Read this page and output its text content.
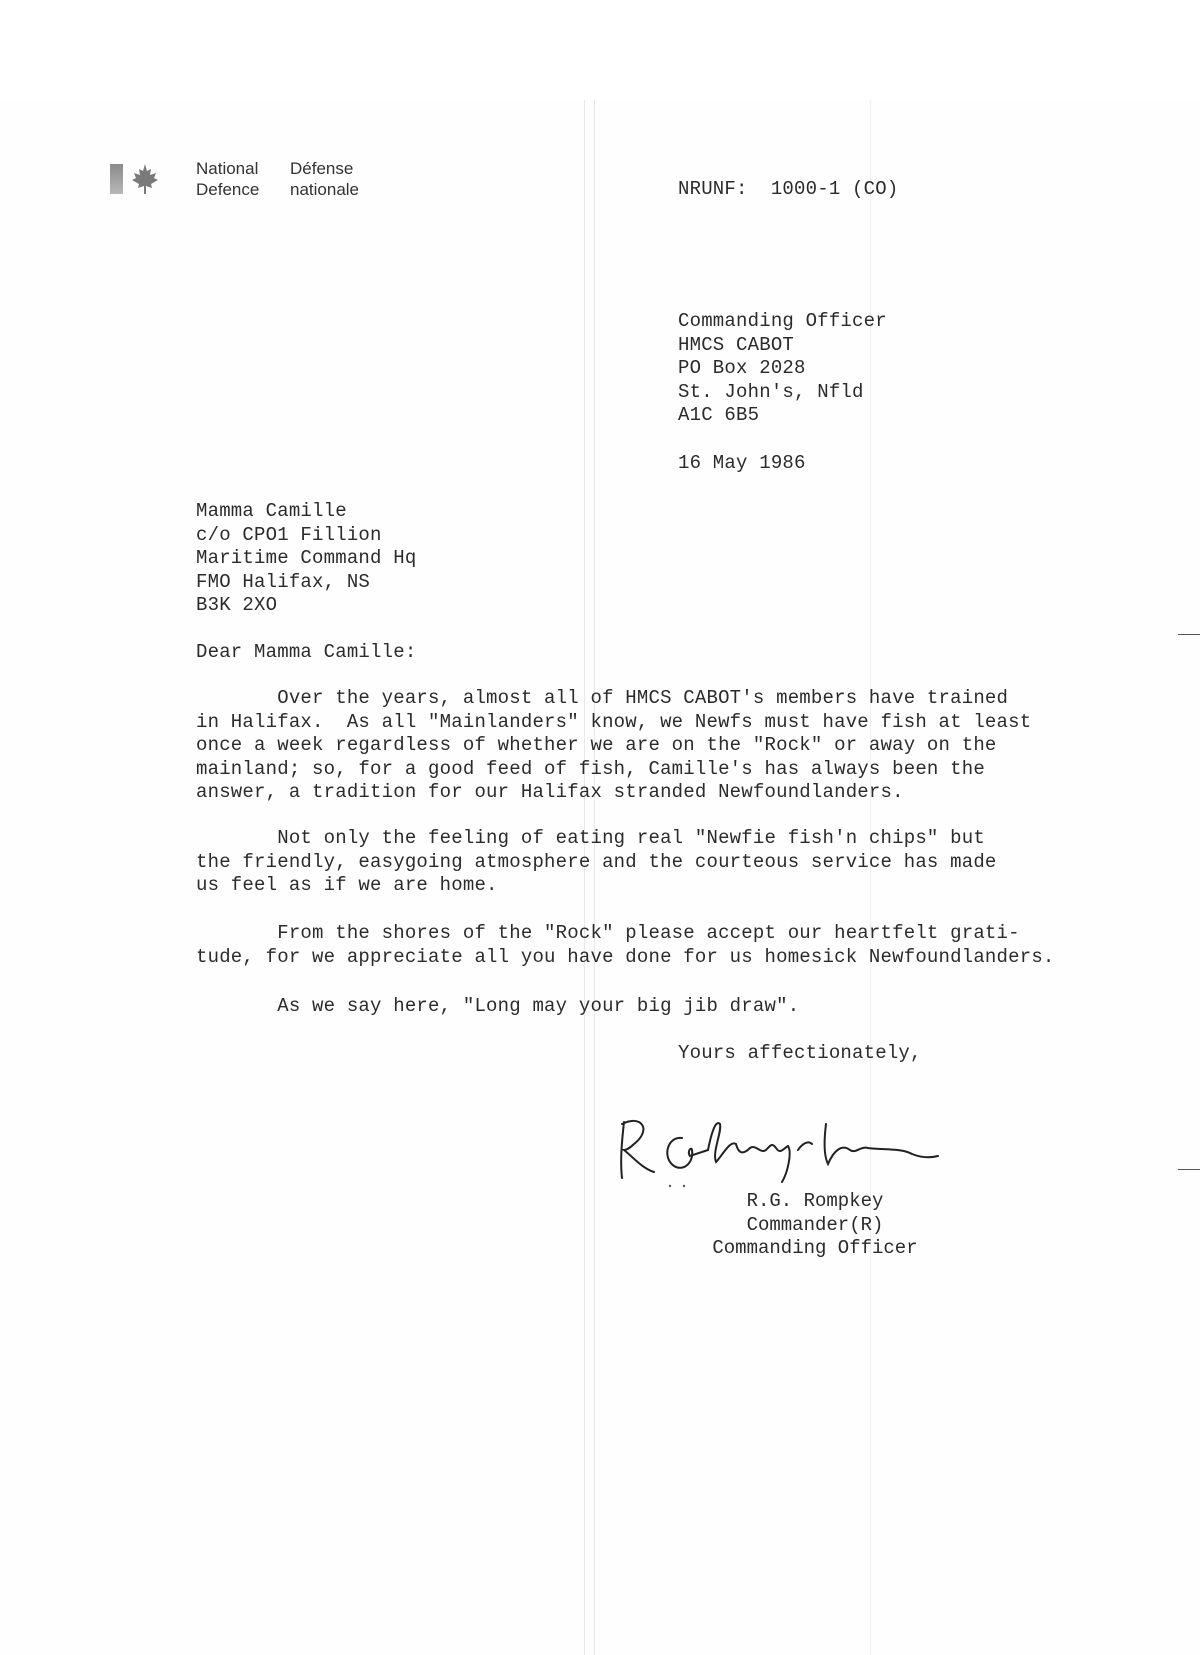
National
Defence
Défense
nationale	NRUNF:  1000-1 (CO)
Commanding Officer
HMCS CABOT
PO Box 2028
St. John's, Nfld
A1C 6B5
16 May 1986
Mamma Camille
c/o CPO1 Fillion
Maritime Command Hq
FMO Halifax, NS
B3K 2XO
Dear Mamma Camille:
Over the years, almost all of HMCS CABOT's members have trained
in Halifax.  As all "Mainlanders" know, we Newfs must have fish at least
once a week regardless of whether we are on the "Rock" or away on the
mainland; so, for a good feed of fish, Camille's has always been the
answer, a tradition for our Halifax stranded Newfoundlanders.
Not only the feeling of eating real "Newfie fish'n chips" but
the friendly, easygoing atmosphere and the courteous service has made
us feel as if we are home.
From the shores of the "Rock" please accept our heartfelt grati-
tude, for we appreciate all you have done for us homesick Newfoundlanders.
As we say here, "Long may your big jib draw".
Yours affectionately,
R.G. Rompkey
Commander(R)
Commanding Officer
